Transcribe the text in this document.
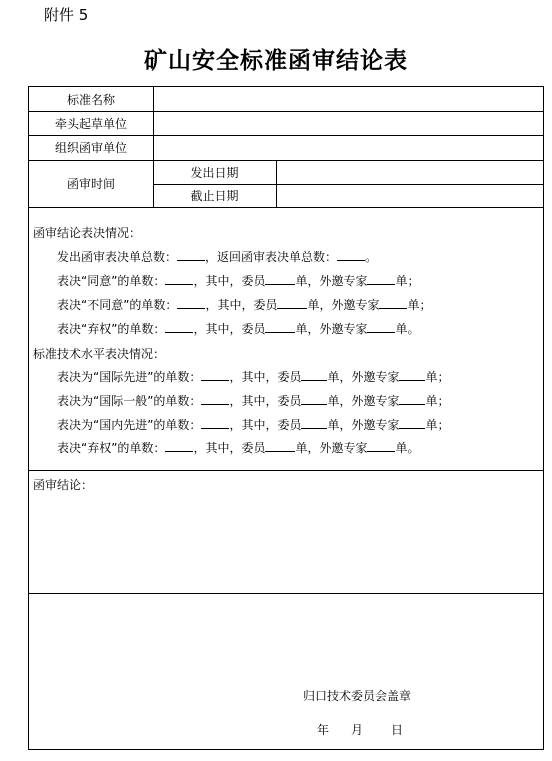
附件 5
矿山安全标准函审结论表
标准名称
牵头起草单位
组织函审单位
函审时间
发出日期
截止日期
函审结论表决情况：
发出函审表决单总数： ，返回函审表决单总数： 。
表决“同意”的单数： ，其中，委员	单，外邀专家 单；
表决“不同意”的单数： ，其中，委员	单，外邀专家 单；
表决“弃权”的单数： ，其中，委员	单，外邀专家 单。
标准技术水平表决情况：
表决为“国际先进”的单数： ，其中，委员 单，外邀专家 单；
表决为“国际一般”的单数： ，其中，委员 单，外邀专家 单；
表决为“国内先进”的单数： ，其中，委员 单，外邀专家 单；
表决“弃权”的单数： ，其中，委员	单，外邀专家 单。
函审结论：
归口技术委员会盖章
年 月 日
